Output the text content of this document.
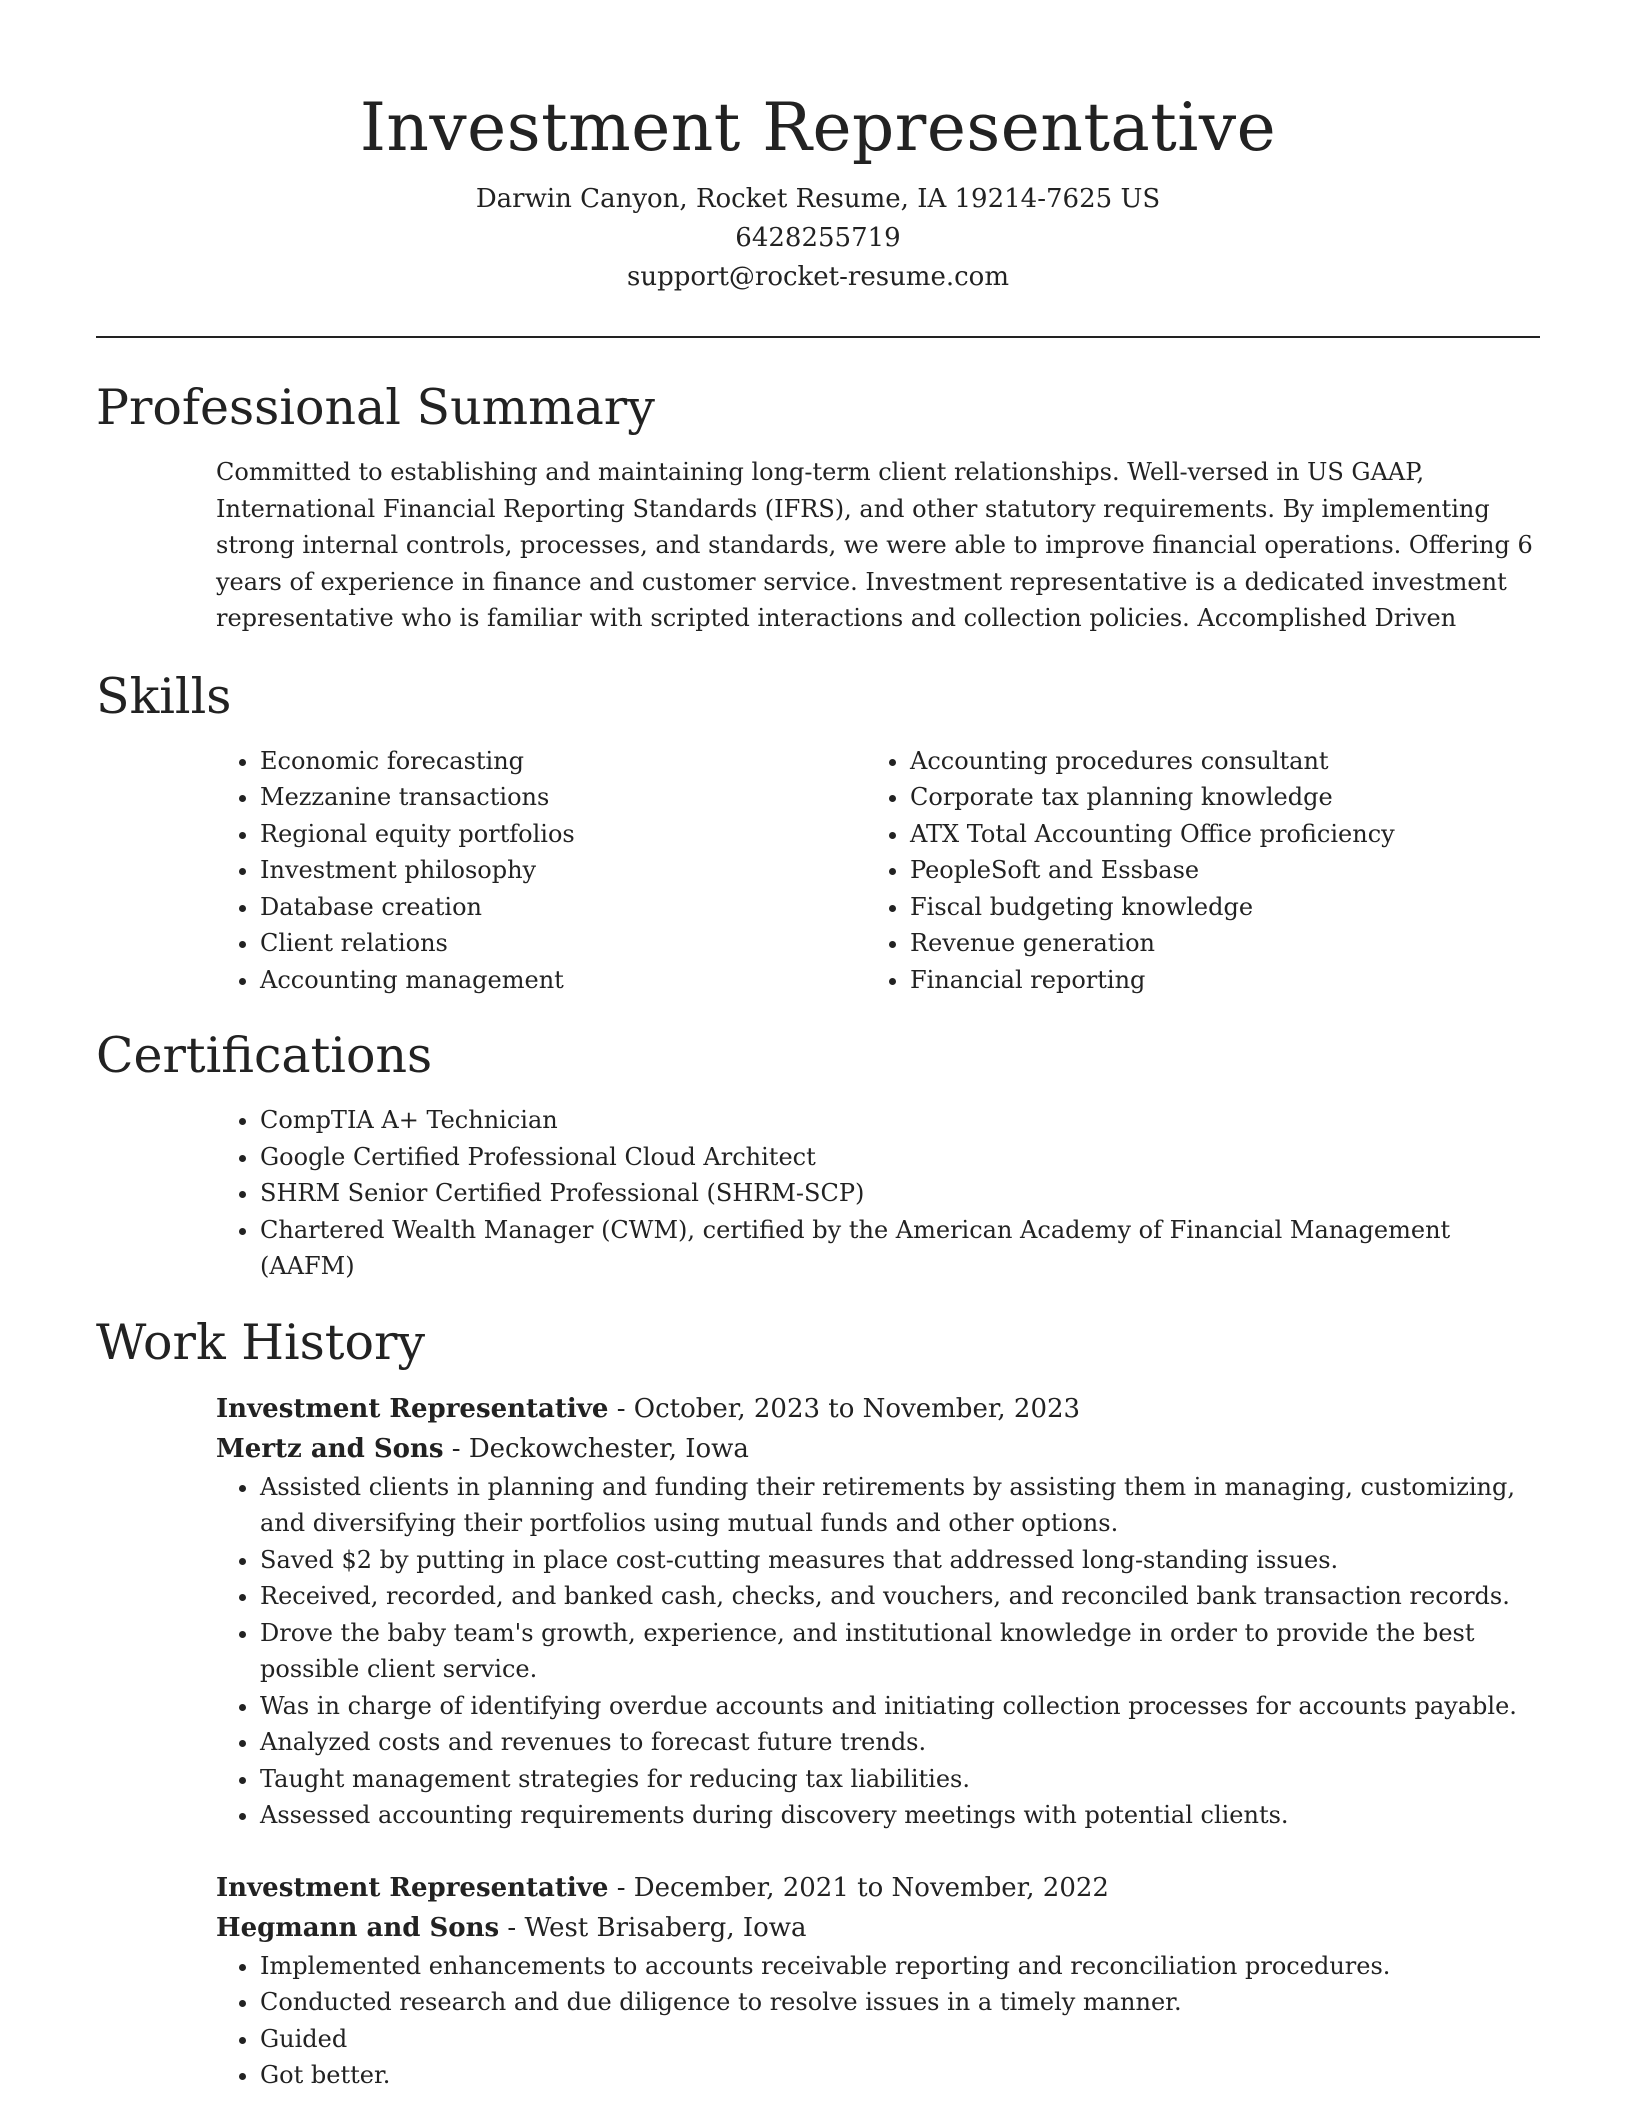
Investment Representative

Darwin Canyon, Rocket Resume, IA 19214-7625 US

6428255719

support@rocket-resume.com

Professional Summary

Committed to establishing and maintaining long-term client relationships. Well-versed in US GAAP, International Financial Reporting Standards (IFRS), and other statutory requirements. By implementing strong internal controls, processes, and standards, we were able to improve financial operations. Offering 6 years of experience in finance and customer service. Investment representative is a dedicated investment representative who is familiar with scripted interactions and collection policies. Accomplished Driven

Skills
• Economic forecasting
• Mezzanine transactions
• Regional equity portfolios
• Investment philosophy
• Database creation
• Client relations
• Accounting management
• Accounting procedures consultant
• Corporate tax planning knowledge
• ATX Total Accounting Office proficiency
• PeopleSoft and Essbase
• Fiscal budgeting knowledge
• Revenue generation
• Financial reporting
Certifications
• CompTIA A+ Technician
• Google Certified Professional Cloud Architect
• SHRM Senior Certified Professional (SHRM-SCP)
• Chartered Wealth Manager (CWM), certified by the American Academy of Financial Management (AAFM)
Work History

Investment Representative - October, 2023 to November, 2023

Mertz and Sons - Deckowchester, Iowa

• Assisted clients in planning and funding their retirements by assisting them in managing, customizing, and diversifying their portfolios using mutual funds and other options.
• Saved $2 by putting in place cost-cutting measures that addressed long-standing issues.
• Received, recorded, and banked cash, checks, and vouchers, and reconciled bank transaction records.
• Drove the baby team's growth, experience, and institutional knowledge in order to provide the best possible client service.
• Was in charge of identifying overdue accounts and initiating collection processes for accounts payable.
• Analyzed costs and revenues to forecast future trends.
• Taught management strategies for reducing tax liabilities.
• Assessed accounting requirements during discovery meetings with potential clients.

Investment Representative - December, 2021 to November, 2022

Hegmann and Sons - West Brisaberg, Iowa

• Implemented enhancements to accounts receivable reporting and reconciliation procedures.
• Conducted research and due diligence to resolve issues in a timely manner.
• Guided
• Got better.
